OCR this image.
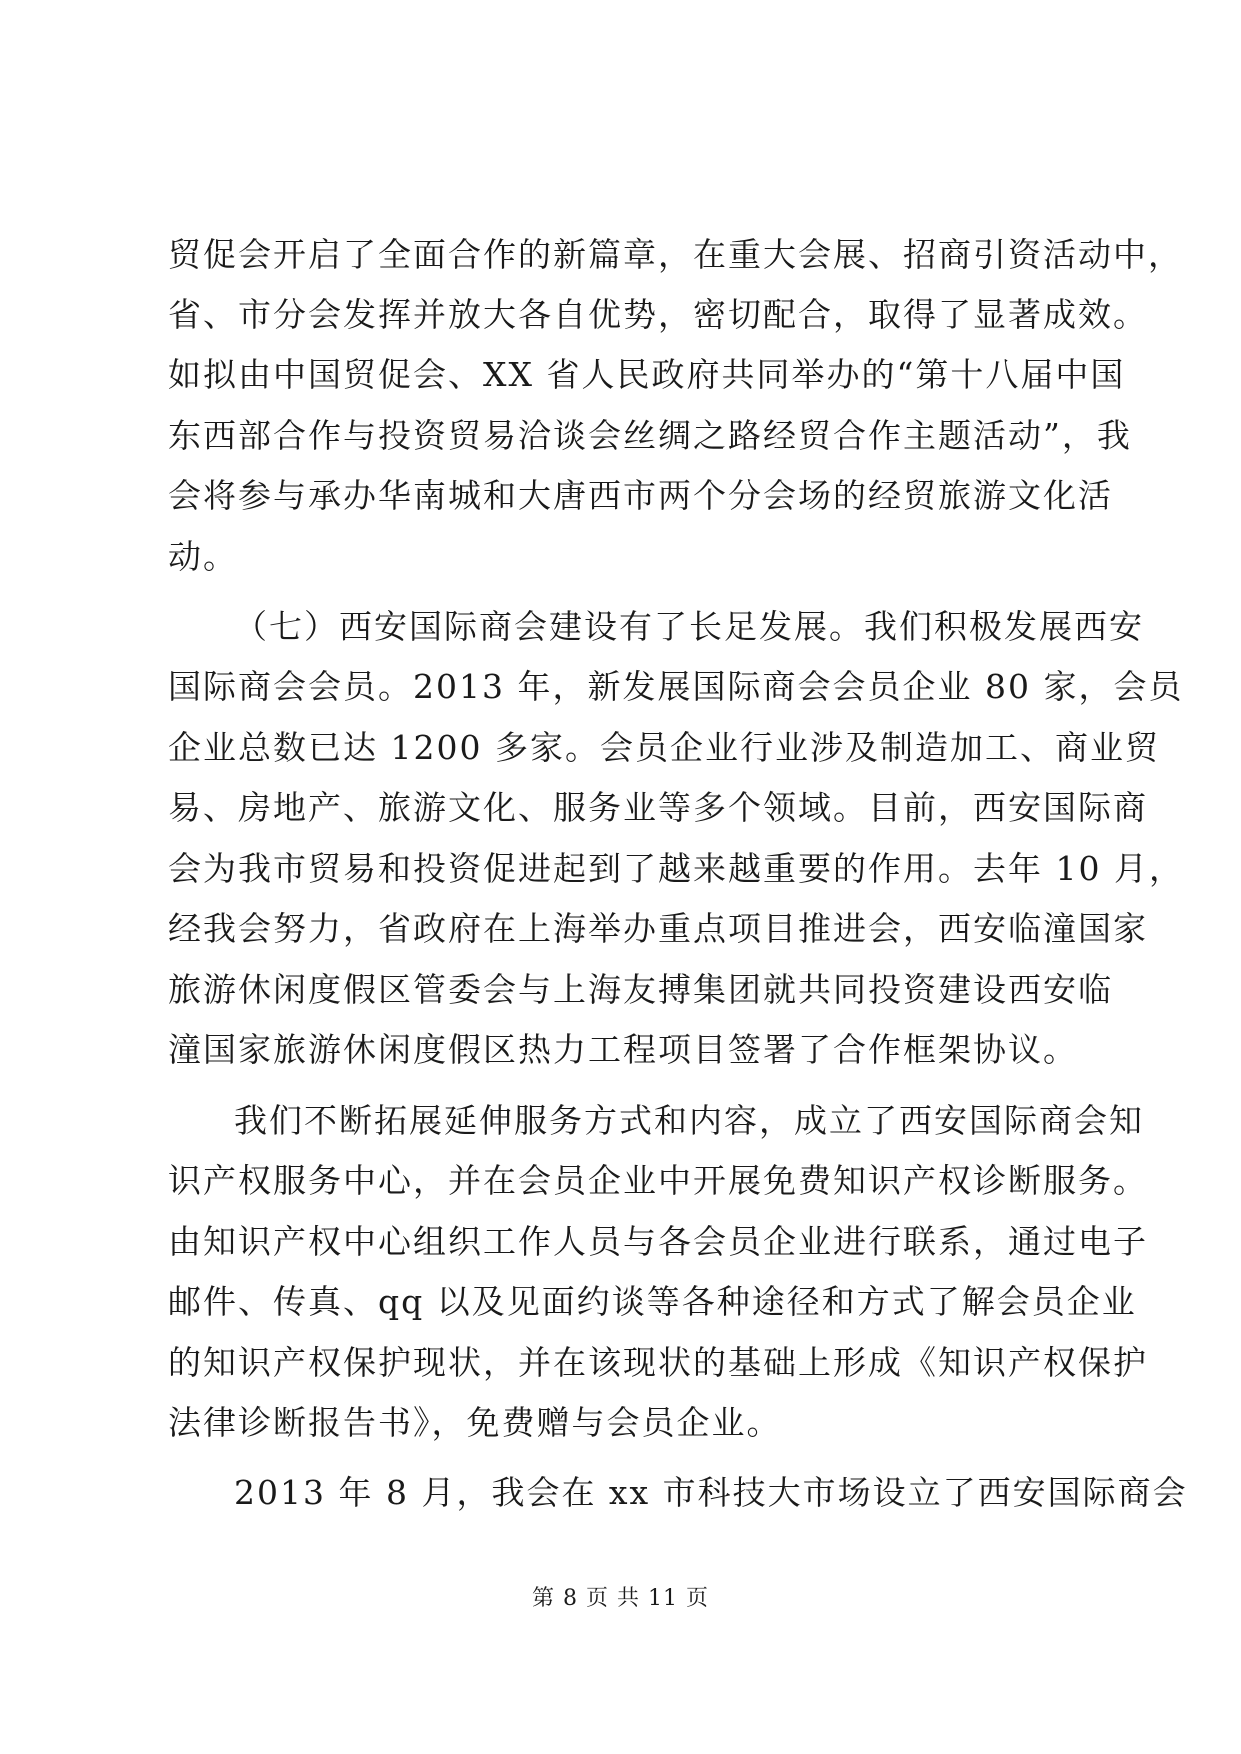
贸促会开启了全面合作的新篇章，在重大会展、招商引资活动中，
省、市分会发挥并放大各自优势，密切配合，取得了显著成效。
如拟由中国贸促会、XX 省人民政府共同举办的“第十八届中国
东西部合作与投资贸易洽谈会丝绸之路经贸合作主题活动”，我
会将参与承办华南城和大唐西市两个分会场的经贸旅游文化活
动。
（七）西安国际商会建设有了长足发展。我们积极发展西安
国际商会会员。2013 年，新发展国际商会会员企业 80 家，会员
企业总数已达 1200 多家。会员企业行业涉及制造加工、商业贸
易、房地产、旅游文化、服务业等多个领域。目前，西安国际商
会为我市贸易和投资促进起到了越来越重要的作用。去年 10 月，
经我会努力，省政府在上海举办重点项目推进会，西安临潼国家
旅游休闲度假区管委会与上海友搏集团就共同投资建设西安临
潼国家旅游休闲度假区热力工程项目签署了合作框架协议。
我们不断拓展延伸服务方式和内容，成立了西安国际商会知
识产权服务中心，并在会员企业中开展免费知识产权诊断服务。
由知识产权中心组织工作人员与各会员企业进行联系，通过电子
邮件、传真、qq 以及见面约谈等各种途径和方式了解会员企业
的知识产权保护现状，并在该现状的基础上形成《知识产权保护
法律诊断报告书》，免费赠与会员企业。
2013 年 8 月，我会在 xx 市科技大市场设立了西安国际商会
第 8 页 共 11 页
